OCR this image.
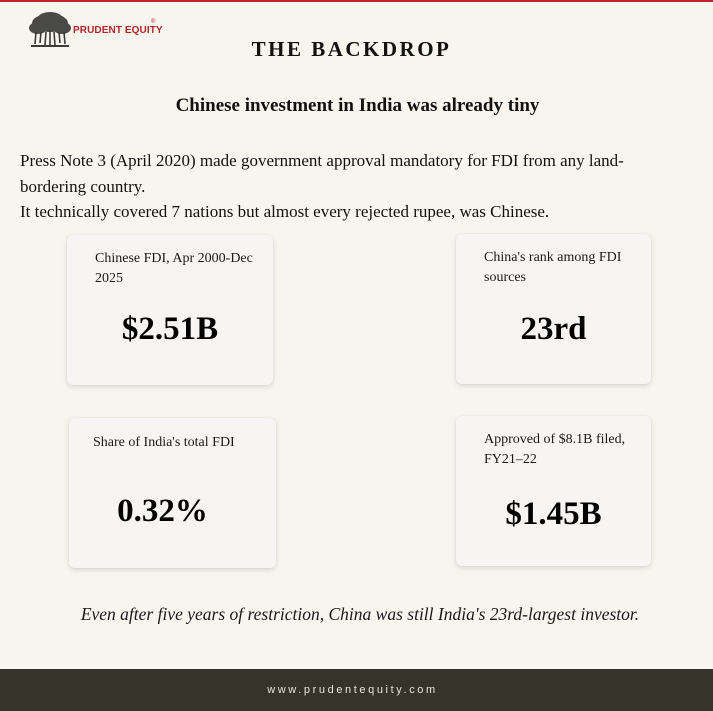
PRUDENT EQUITY
®
THE BACKDROP
Chinese investment in India was already tiny

Press Note 3 (April 2020) made government approval mandatory for FDI from any land-bordering country.

It technically covered 7 nations but almost every rejected rupee, was Chinese.

Chinese FDI, Apr 2000-Dec 2025
$2.51B
China's rank among FDI sources
23rd
Share of India's total FDI
0.32%
Approved of $8.1B filed, FY21–22
$1.45B
Even after five years of restriction, China was still India's 23rd-largest investor.
www.prudentequity.com
